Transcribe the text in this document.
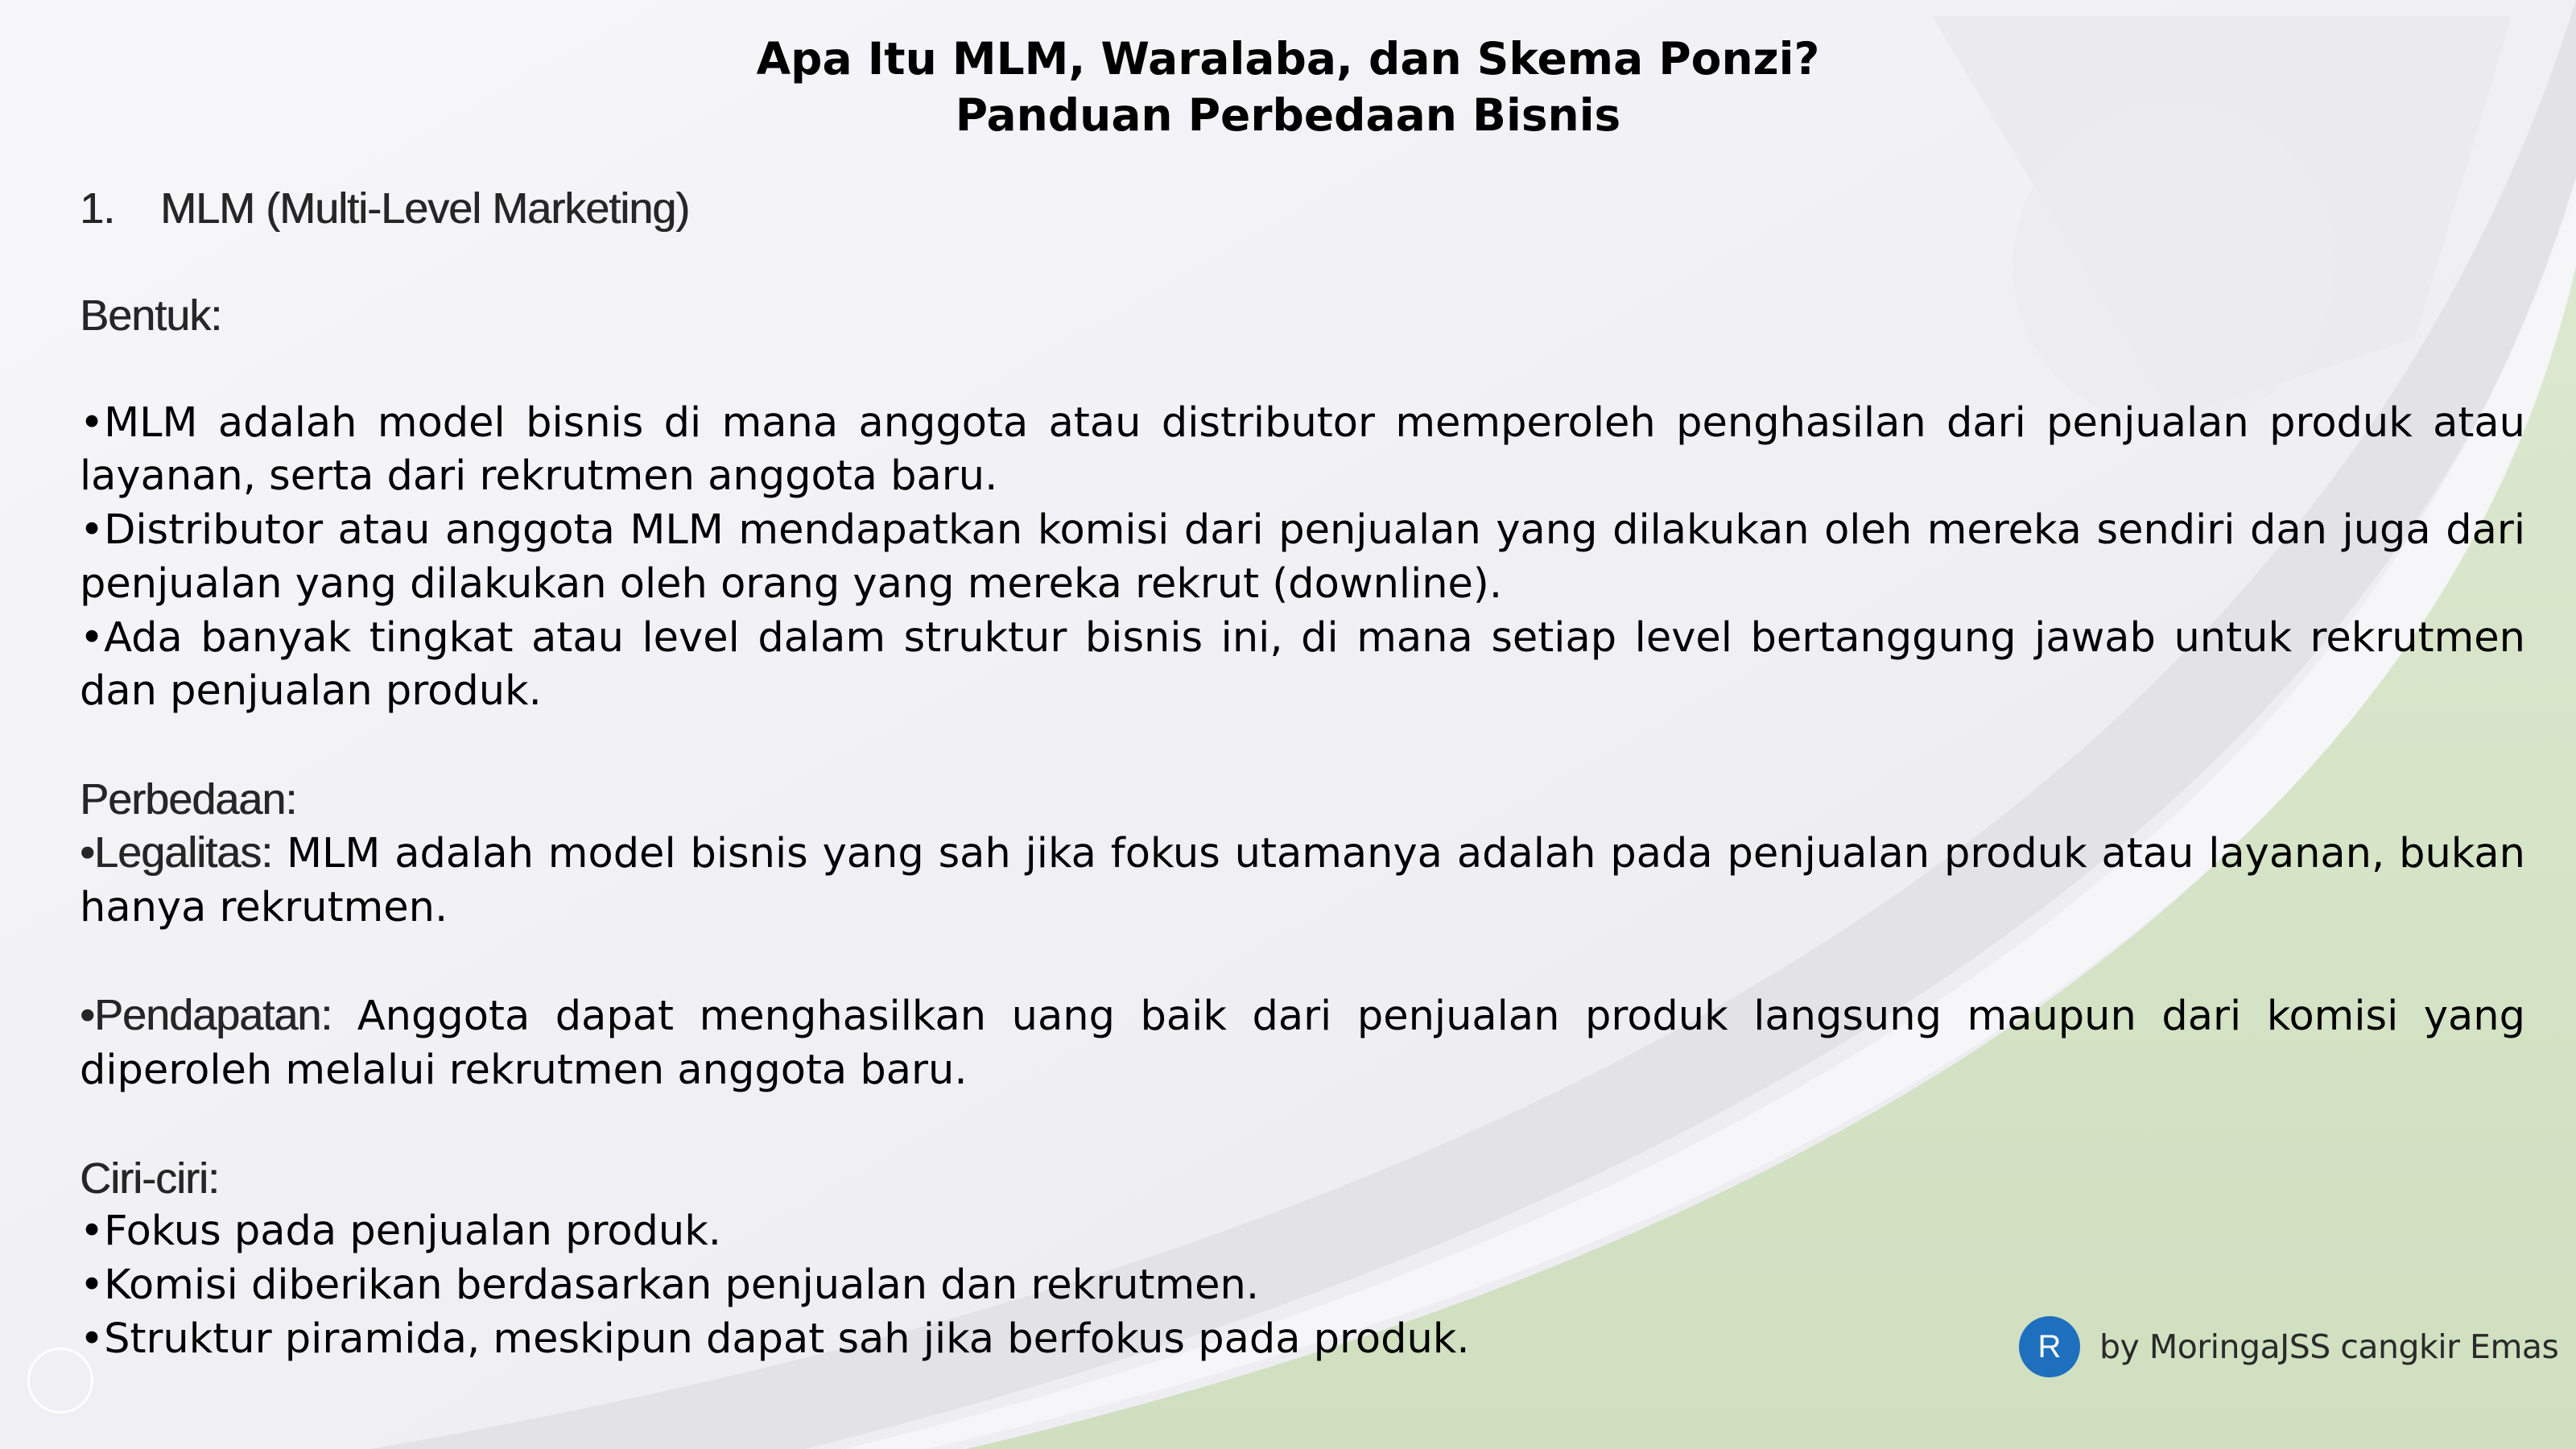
Apa Itu MLM, Waralaba, dan Skema Ponzi?
Panduan Perbedaan Bisnis

1. MLM (Multi-Level Marketing)

Bentuk:

•MLM adalah model bisnis di mana anggota atau distributor memperoleh penghasilan dari penjualan produk atau layanan, serta dari rekrutmen anggota baru.

•Distributor atau anggota MLM mendapatkan komisi dari penjualan yang dilakukan oleh mereka sendiri dan juga dari penjualan yang dilakukan oleh orang yang mereka rekrut (downline).

•Ada banyak tingkat atau level dalam struktur bisnis ini, di mana setiap level bertanggung jawab untuk rekrutmen dan penjualan produk.

Perbedaan:

•Legalitas: MLM adalah model bisnis yang sah jika fokus utamanya adalah pada penjualan produk atau layanan, bukan hanya rekrutmen.

•Pendapatan: Anggota dapat menghasilkan uang baik dari penjualan produk langsung maupun dari komisi yang diperoleh melalui rekrutmen anggota baru.

Ciri-ciri:

•Fokus pada penjualan produk.

•Komisi diberikan berdasarkan penjualan dan rekrutmen.

•Struktur piramida, meskipun dapat sah jika berfokus pada produk.	R	by MoringaJSS cangkir Emas
